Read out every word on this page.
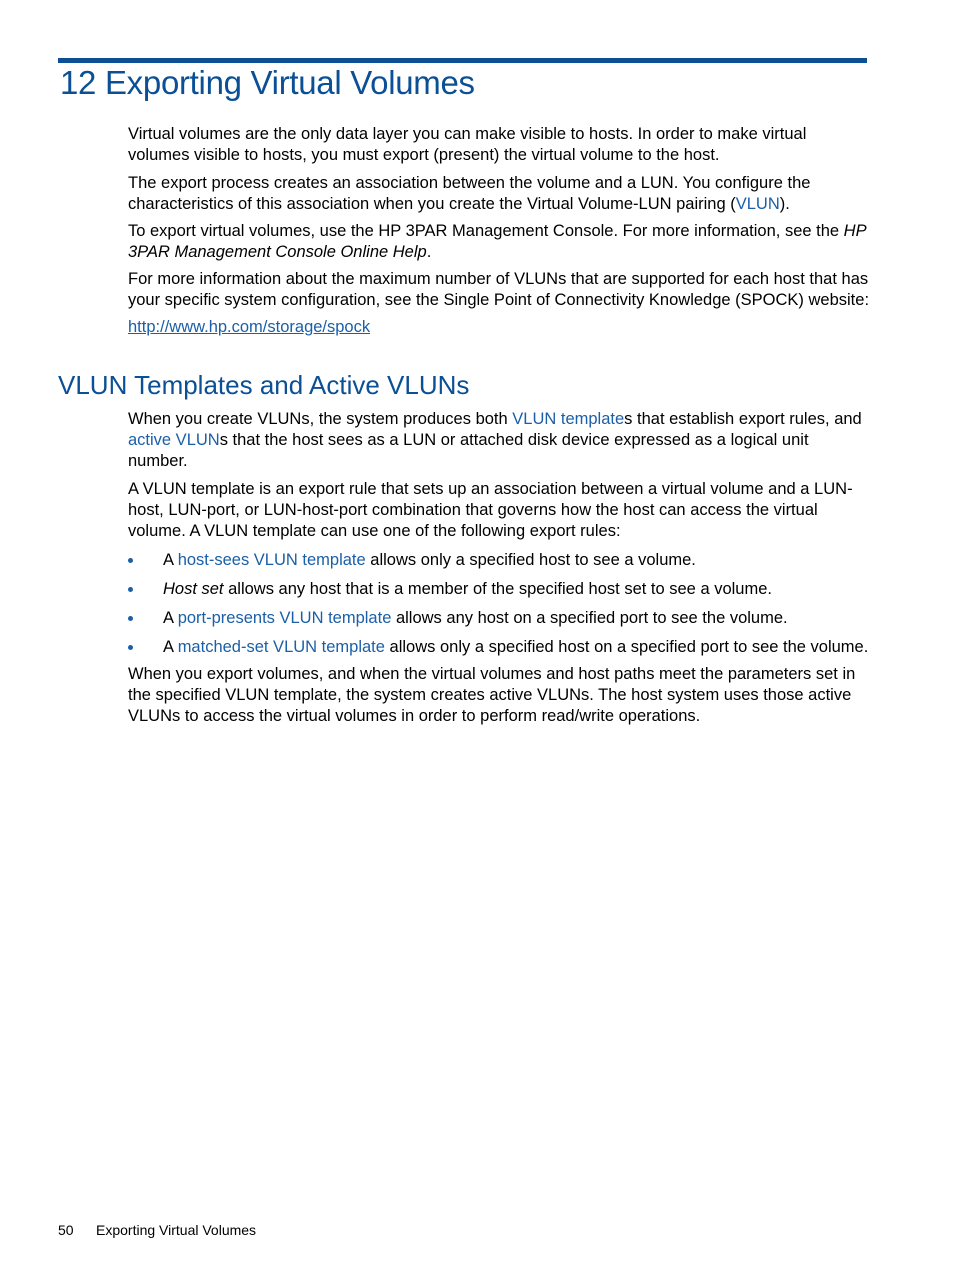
12 Exporting Virtual Volumes

Virtual volumes are the only data layer you can make visible to hosts. In order to make virtual volumes visible to hosts, you must export (present) the virtual volume to the host.

The export process creates an association between the volume and a LUN. You configure the characteristics of this association when you create the Virtual Volume-LUN pairing (VLUN).

To export virtual volumes, use the HP 3PAR Management Console. For more information, see the HP 3PAR Management Console Online Help.

For more information about the maximum number of VLUNs that are supported for each host that has your specific system configuration, see the Single Point of Connectivity Knowledge (SPOCK) website:

http://www.hp.com/storage/spock

VLUN Templates and Active VLUNs

When you create VLUNs, the system produces both VLUN templates that establish export rules, and active VLUNs that the host sees as a LUN or attached disk device expressed as a logical unit number.

A VLUN template is an export rule that sets up an association between a virtual volume and a LUN-host, LUN-port, or LUN-host-port combination that governs how the host can access the virtual volume. A VLUN template can use one of the following export rules:

A host-sees VLUN template allows only a specified host to see a volume.
Host set allows any host that is a member of the specified host set to see a volume.
A port-presents VLUN template allows any host on a specified port to see the volume.
A matched-set VLUN template allows only a specified host on a specified port to see the volume.

When you export volumes, and when the virtual volumes and host paths meet the parameters set in the specified VLUN template, the system creates active VLUNs. The host system uses those active VLUNs to access the virtual volumes in order to perform read/write operations.

50 Exporting Virtual Volumes
